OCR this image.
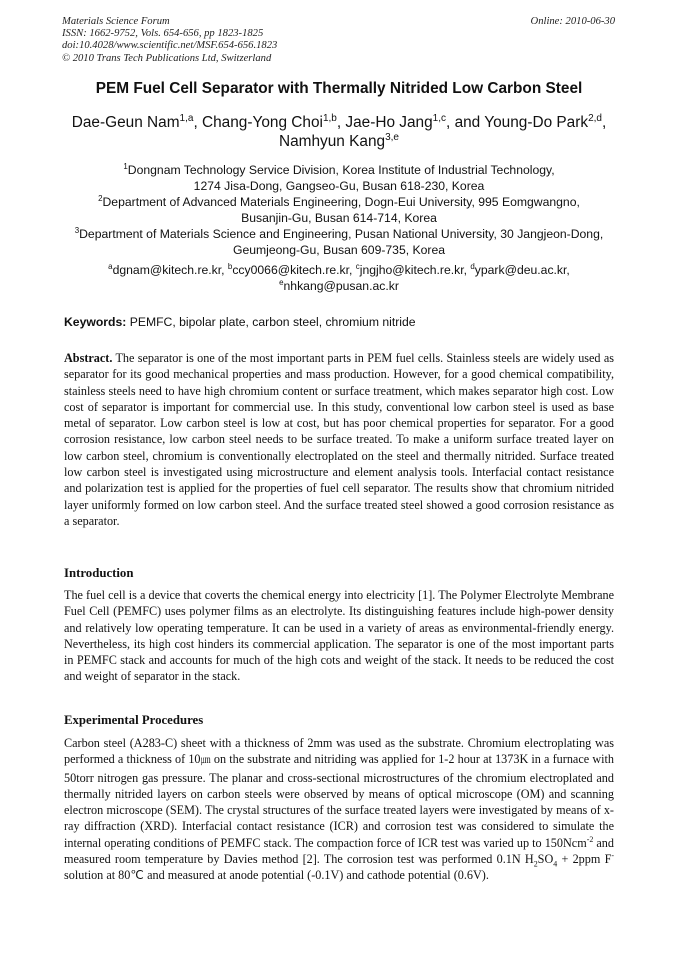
Materials Science Forum
ISSN: 1662-9752, Vols. 654-656, pp 1823-1825
doi:10.4028/www.scientific.net/MSF.654-656.1823
© 2010 Trans Tech Publications Ltd, Switzerland
Online: 2010-06-30
PEM Fuel Cell Separator with Thermally Nitrided Low Carbon Steel
Dae-Geun Nam$^{1,a}$, Chang-Yong Choi$^{1,b}$, Jae-Ho Jang$^{1,c}$, and Young-Do Park$^{2,d}$,
Namhyun Kang$^{3,e}$
$^1$Dongnam Technology Service Division, Korea Institute of Industrial Technology,
1274 Jisa-Dong, Gangseo-Gu, Busan 618-230, Korea
$^2$Department of Advanced Materials Engineering, Dogn-Eui University, 995 Eomgwangno,
Busanjin-Gu, Busan 614-714, Korea
$^3$Department of Materials Science and Engineering, Pusan National University, 30 Jangjeon-Dong,
Geumjeong-Gu, Busan 609-735, Korea
$^a$dgnam@kitech.re.kr, $^b$ccy0066@kitech.re.kr, $^c$jngjho@kitech.re.kr, $^d$ypark@deu.ac.kr,
$^e$nhkang@pusan.ac.kr
Keywords: PEMFC, bipolar plate, carbon steel, chromium nitride
Abstract. The separator is one of the most important parts in PEM fuel cells. Stainless steels are widely used as separator for its good mechanical properties and mass production. However, for a good chemical compatibility, stainless steels need to have high chromium content or surface treatment, which makes separator high cost. Low cost of separator is important for commercial use. In this study, conventional low carbon steel is used as base metal of separator. Low carbon steel is low at cost, but has poor chemical properties for separator. For a good corrosion resistance, low carbon steel needs to be surface treated. To make a uniform surface treated layer on low carbon steel, chromium is conventionally electroplated on the steel and thermally nitrided. Surface treated low carbon steel is investigated using microstructure and element analysis tools. Interfacial contact resistance and polarization test is applied for the properties of fuel cell separator. The results show that chromium nitrided layer uniformly formed on low carbon steel. And the surface treated steel showed a good corrosion resistance as a separator.
Introduction
The fuel cell is a device that coverts the chemical energy into electricity [1]. The Polymer Electrolyte Membrane Fuel Cell (PEMFC) uses polymer films as an electrolyte. Its distinguishing features include high-power density and relatively low operating temperature. It can be used in a variety of areas as environmental-friendly energy. Nevertheless, its high cost hinders its commercial application. The separator is one of the most important parts in PEMFC stack and accounts for much of the high cots and weight of the stack. It needs to be reduced the cost and weight of separator in the stack.
Experimental Procedures
Carbon steel (A283-C) sheet with a thickness of 2mm was used as the substrate. Chromium electroplating was performed a thickness of 10㎛ on the substrate and nitriding was applied for 1-2 hour at 1373K in a furnace with 50torr nitrogen gas pressure. The planar and cross-sectional microstructures of the chromium electroplated and thermally nitrided layers on carbon steels were observed by means of optical microscope (OM) and scanning electron microscope (SEM). The crystal structures of the surface treated layers were investigated by means of x-ray diffraction (XRD). Interfacial contact resistance (ICR) and corrosion test was considered to simulate the internal operating conditions of PEMFC stack. The compaction force of ICR test was varied up to 150Ncm$^{-2}$ and measured room temperature by Davies method [2]. The corrosion test was performed 0.1N $H_2SO_4 + 2ppm$ F- solution at 80℃ and measured at anode potential (-0.1V) and cathode potential (0.6V).
